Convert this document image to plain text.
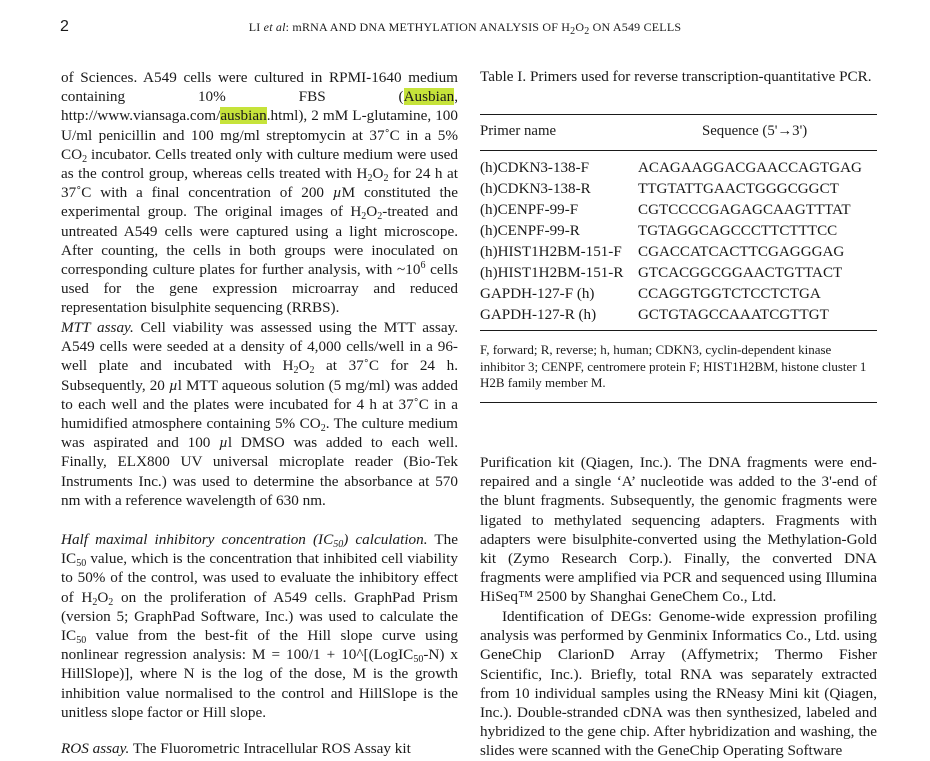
2	LI et al: mRNA AND DNA METHYLATION ANALYSIS OF $H_2O_2$ ON A549 CELLS

of Sciences. A549 cells were cultured in RPMI-1640 medium containing 10% FBS (Ausbian, http://www.viansaga.com/ausbian.html), 2 mM L-glutamine, 100 U/ml penicillin and 100 mg/ml streptomycin at 37˚C in a 5% $CO_2$ incubator. Cells treated only with culture medium were used as the control group, whereas cells treated with $H_2O_2$ for 24 h at 37˚C with a final concentration of 200 µM constituted the experimental group. The original images of $H_2O_2$-treated and untreated A549 cells were captured using a light microscope. After counting, the cells in both groups were inoculated on corresponding culture plates for further analysis, with $\sim 10^6$ cells used for the gene expression microarray and reduced representation bisulphite sequencing (RRBS).

MTT assay. Cell viability was assessed using the MTT assay. A549 cells were seeded at a density of 4,000 cells/well in a 96-well plate and incubated with $H_2O_2$ at 37˚C for 24 h. Subsequently, 20 µl MTT aqueous solution (5 mg/ml) was added to each well and the plates were incubated for 4 h at 37˚C in a humidified atmosphere containing 5% $CO_2$. The culture medium was aspirated and 100 µl DMSO was added to each well. Finally, ELX800 UV universal microplate reader (Bio-Tek Instruments Inc.) was used to determine the absorbance at 570 nm with a reference wavelength of 630 nm.

Half maximal inhibitory concentration $(IC_{50})$ calculation. The $IC_{50}$ value, which is the concentration that inhibited cell viability to 50% of the control, was used to evaluate the inhibitory effect of $H_2O_2$ on the proliferation of A549 cells. GraphPad Prism (version 5; GraphPad Software, Inc.) was used to calculate the $IC_{50}$ value from the best-fit of the Hill slope curve using nonlinear regression analysis: M = 100/1 + 10^[(LogIC$_{50}$-N) x HillSlope)], where N is the log of the dose, M is the growth inhibition value normalised to the control and HillSlope is the unitless slope factor or Hill slope.

ROS assay. The Fluorometric Intracellular ROS Assay kit

Table I. Primers used for reverse transcription-quantitative PCR.
Primer name	Sequence (5'→3')
(h)CDKN3-138-F	ACAGAAGGACGAACCAGTGAG
(h)CDKN3-138-R	TTGTATTGAACTGGGCGGCT
(h)CENPF-99-F	CGTCCCCGAGAGCAAGTTTAT
(h)CENPF-99-R	TGTAGGCAGCCCTTCTTTCC
(h)HIST1H2BM-151-F CGACCATCACTTCGAGGGAG
(h)HIST1H2BM-151-R GTCACGGCGGAACTGTTACT
GAPDH-127-F (h)	CCAGGTGGTCTCCTCTGA
GAPDH-127-R (h)	GCTGTAGCCAAATCGTTGT
F, forward; R, reverse; h, human; CDKN3, cyclin-dependent kinase inhibitor 3; CENPF, centromere protein F; HIST1H2BM, histone cluster 1 H2B family member M.

Purification kit (Qiagen, Inc.). The DNA fragments were end-repaired and a single ‘A’ nucleotide was added to the 3'-end of the blunt fragments. Subsequently, the genomic fragments were ligated to methylated sequencing adapters. Fragments with adapters were bisulphite-converted using the Methylation-Gold kit (Zymo Research Corp.). Finally, the converted DNA fragments were amplified via PCR and sequenced using Illumina HiSeq™ 2500 by Shanghai GeneChem Co., Ltd.

Identification of DEGs: Genome-wide expression profiling analysis was performed by Genminix Informatics Co., Ltd. using GeneChip ClarionD Array (Affymetrix; Thermo Fisher Scientific, Inc.). Briefly, total RNA was separately extracted from 10 individual samples using the RNeasy Mini kit (Qiagen, Inc.). Double-stranded cDNA was then synthesized, labeled and hybridized to the gene chip. After hybridization and washing, the slides were scanned with the GeneChip Operating Software
